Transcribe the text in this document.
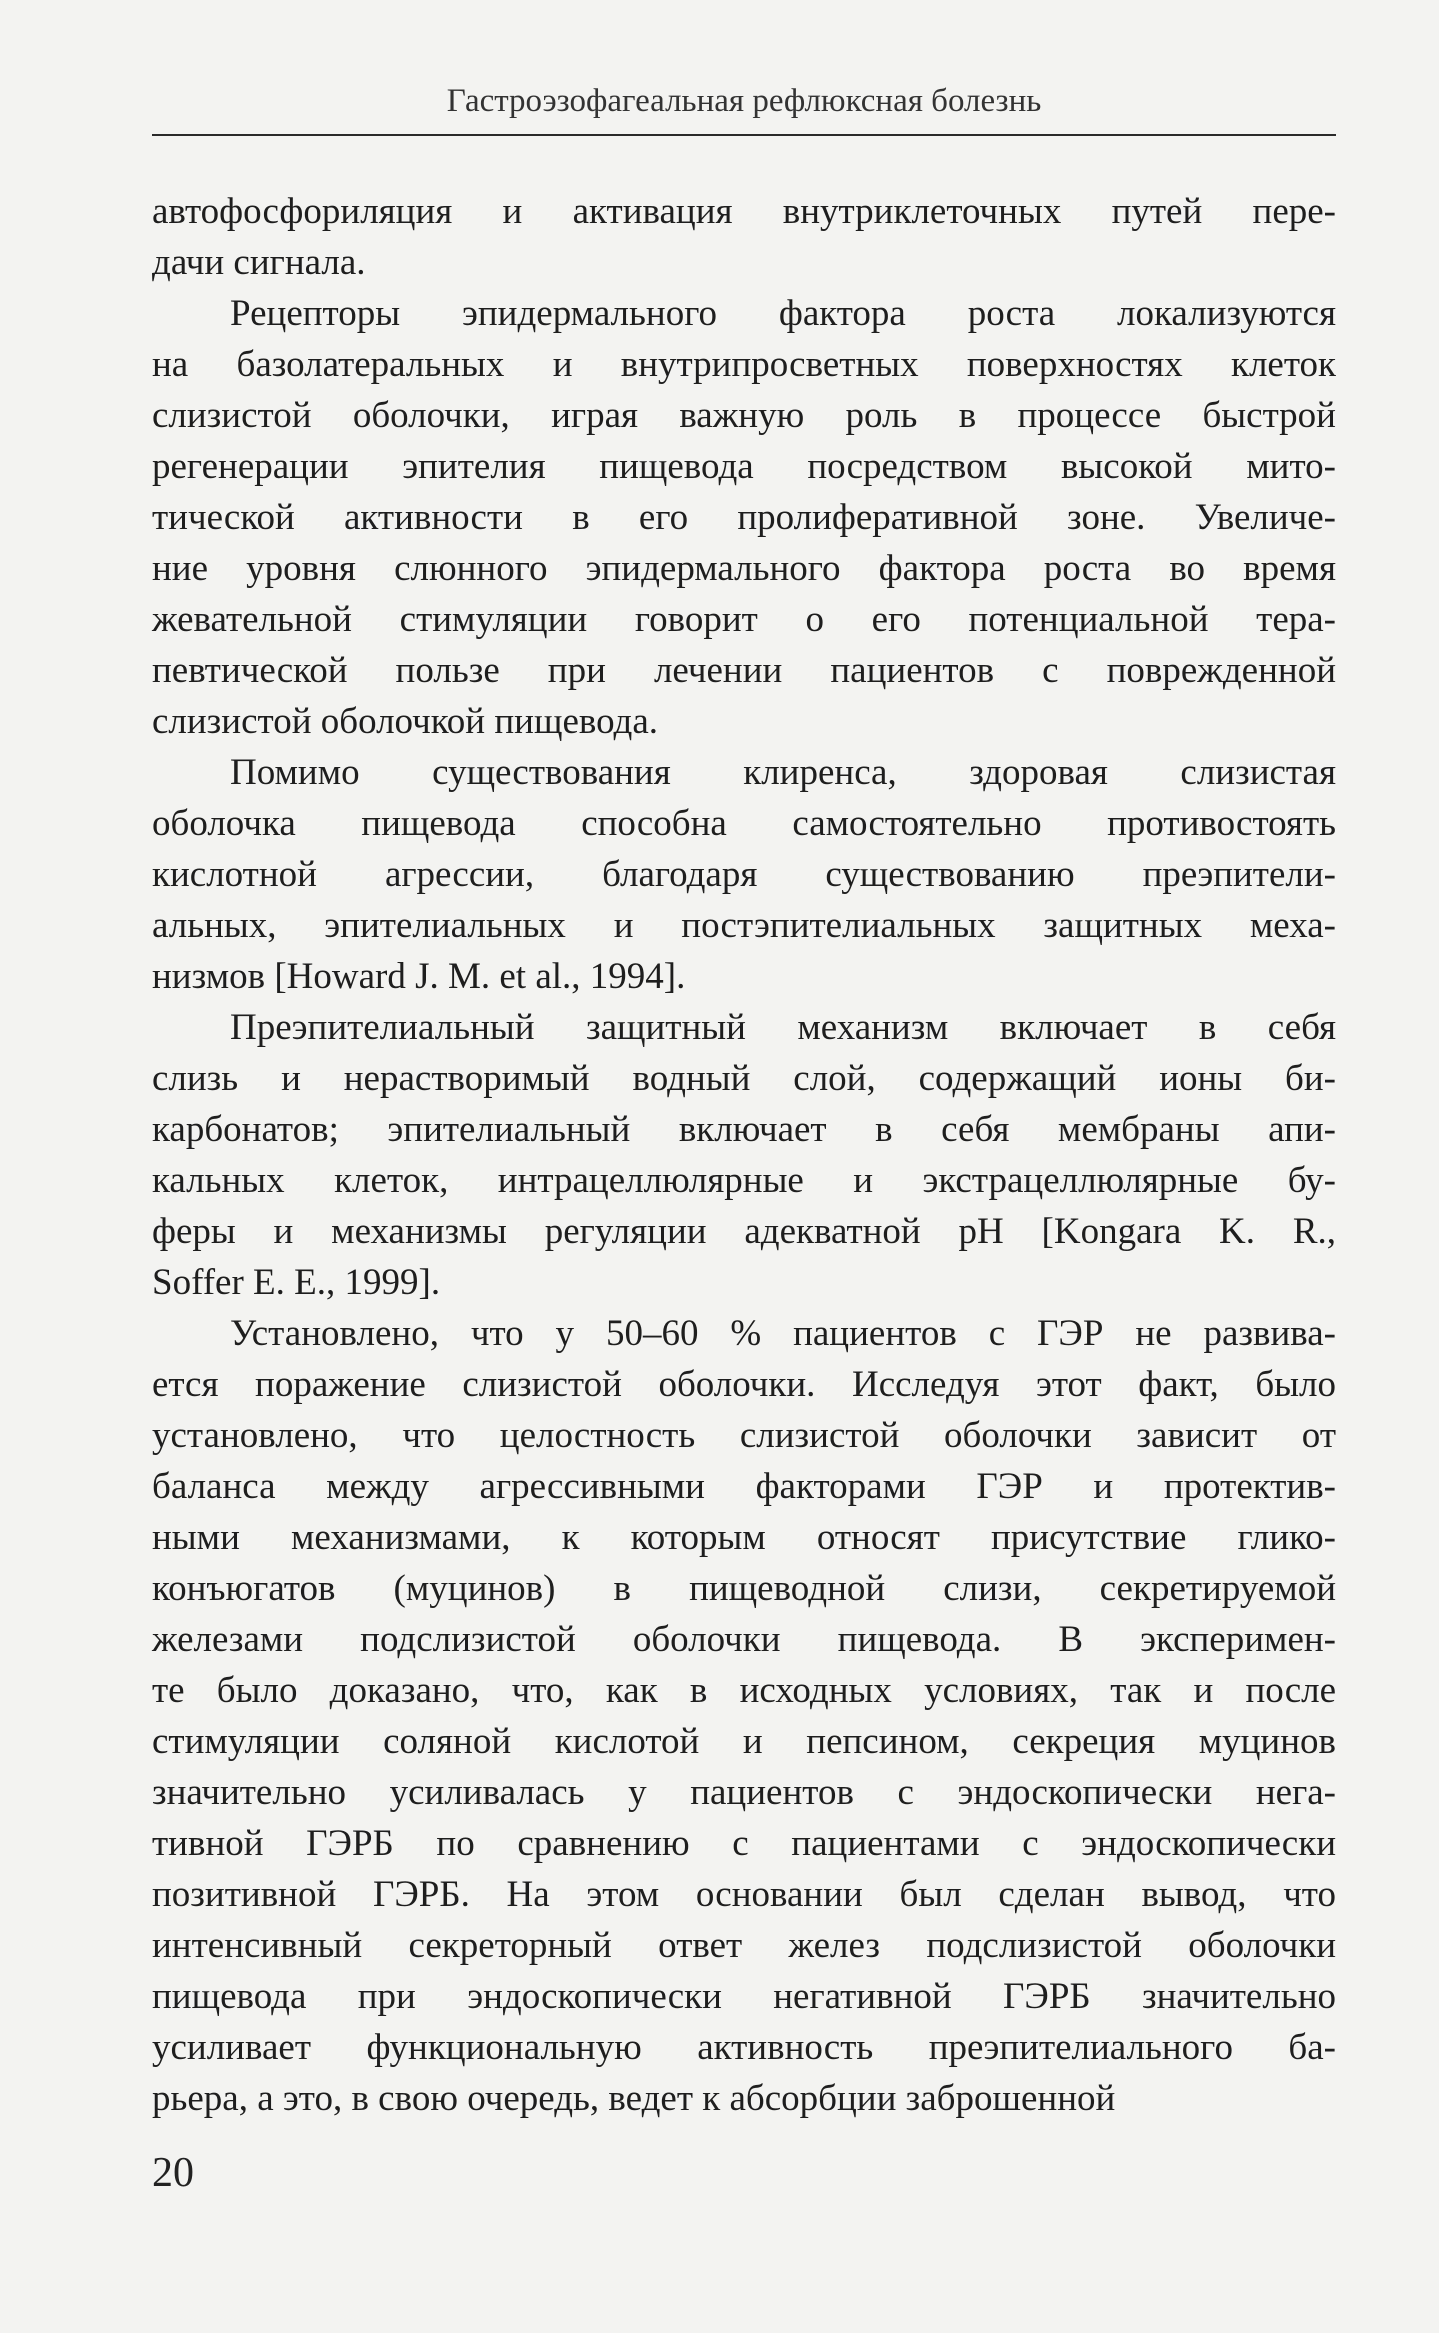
Гастроэзофагеальная рефлюксная болезнь
автофосфориляция и активация внутриклеточных путей пере-
дачи сигнала.
Рецепторы эпидермального фактора роста локализуются
на базолатеральных и внутрипросветных поверхностях клеток
слизистой оболочки, играя важную роль в процессе быстрой
регенерации эпителия пищевода посредством высокой мито-
тической активности в его пролиферативной зоне. Увеличе-
ние уровня слюнного эпидермального фактора роста во время
жевательной стимуляции говорит о его потенциальной тера-
певтической пользе при лечении пациентов с поврежденной
слизистой оболочкой пищевода.
Помимо существования клиренса, здоровая слизистая
оболочка пищевода способна самостоятельно противостоять
кислотной агрессии, благодаря существованию преэпители-
альных, эпителиальных и постэпителиальных защитных меха-
низмов [Howard J. M. et al., 1994].
Преэпителиальный защитный механизм включает в себя
слизь и нерастворимый водный слой, содержащий ионы би-
карбонатов; эпителиальный включает в себя мембраны апи-
кальных клеток, интрацеллюлярные и экстрацеллюлярные бу-
феры и механизмы регуляции адекватной pH [Kongara K. R.,
Soffer E. E., 1999].
Установлено, что у 50–60 % пациентов с ГЭР не развива-
ется поражение слизистой оболочки. Исследуя этот факт, было
установлено, что целостность слизистой оболочки зависит от
баланса между агрессивными факторами ГЭР и протектив-
ными механизмами, к которым относят присутствие глико-
конъюгатов (муцинов) в пищеводной слизи, секретируемой
железами подслизистой оболочки пищевода. В эксперимен-
те было доказано, что, как в исходных условиях, так и после
стимуляции соляной кислотой и пепсином, секреция муцинов
значительно усиливалась у пациентов с эндоскопически нега-
тивной ГЭРБ по сравнению с пациентами с эндоскопически
позитивной ГЭРБ. На этом основании был сделан вывод, что
интенсивный секреторный ответ желез подслизистой оболочки
пищевода при эндоскопически негативной ГЭРБ значительно
усиливает функциональную активность преэпителиального ба-
рьера, а это, в свою очередь, ведет к абсорбции заброшенной
20
